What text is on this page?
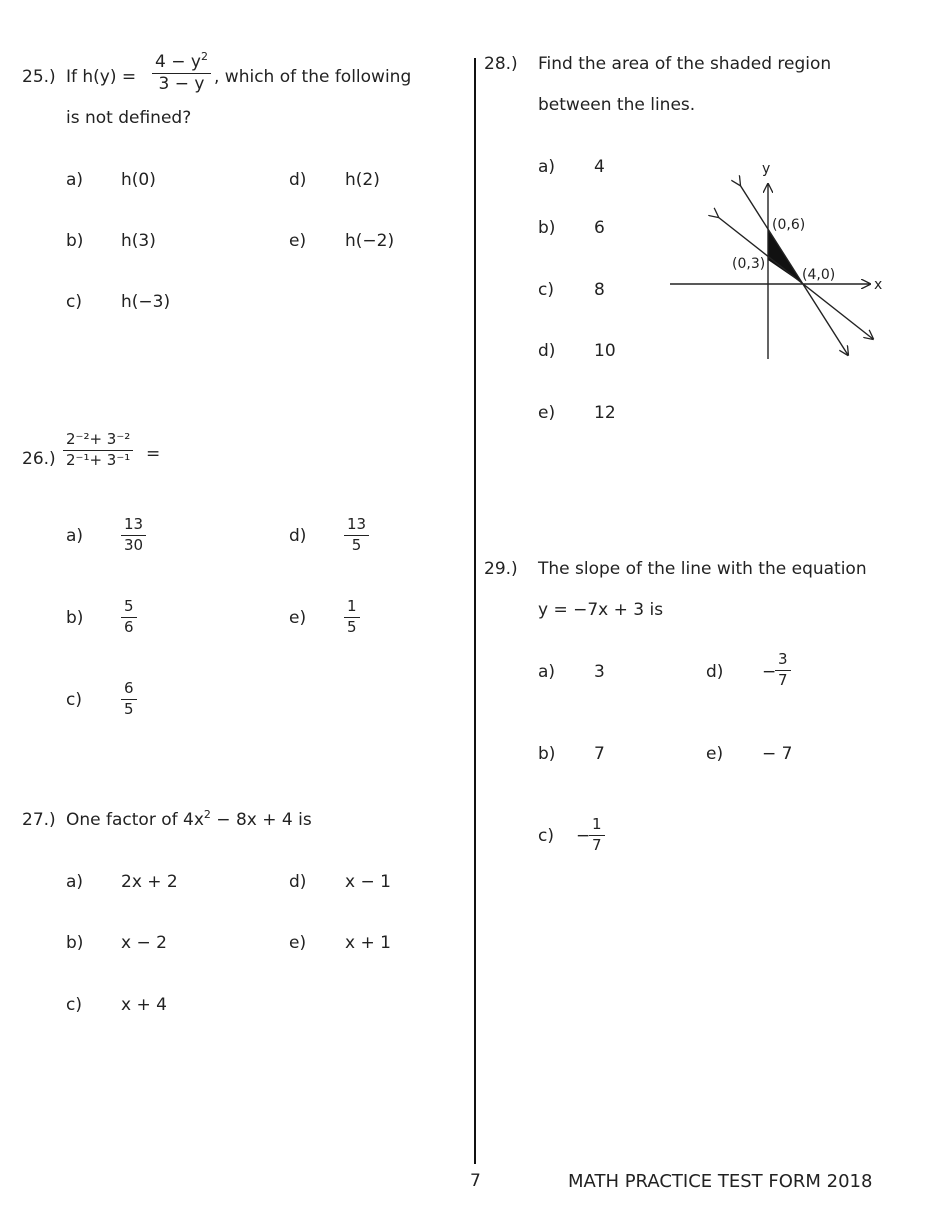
25.) If $h(y) = \frac{4 - y^2}{3 - y}$ , which of the following
is not defined?
a) h(0)
b) h(3)
c) h(−3)
d) h(2)
e) h(−2)
$26.) \frac{\text{2⁻²+ 3⁻²}}{\text{2⁻¹+ 3⁻¹}}$ =
a)	$\frac{13}{30}$
b)	$\frac{5}{6}$
c)	$\frac{6}{5}$
d)	$\frac{13}{5}$
e)	$\frac{1}{5}$
27.) One factor of $4x^2 - 8x + 4$ is
a) 2x + 2
b) x − 2
c) x + 4
d) x − 1
e) x + 1
28.) Find the area of the shaded region
between the lines.
a) 4
b) 6
c) 8
d) 10
e) 12
y
x
(0,6)
(0,3)
(4,0)
29.) The slope of the line with the equation
y = −7x + 3 is
a) 3
b) 7
c) −
$\frac{1}{7}$
d) −
$\frac{3}{7}$
e) − 7
7	MATH PRACTICE TEST FORM 2018
